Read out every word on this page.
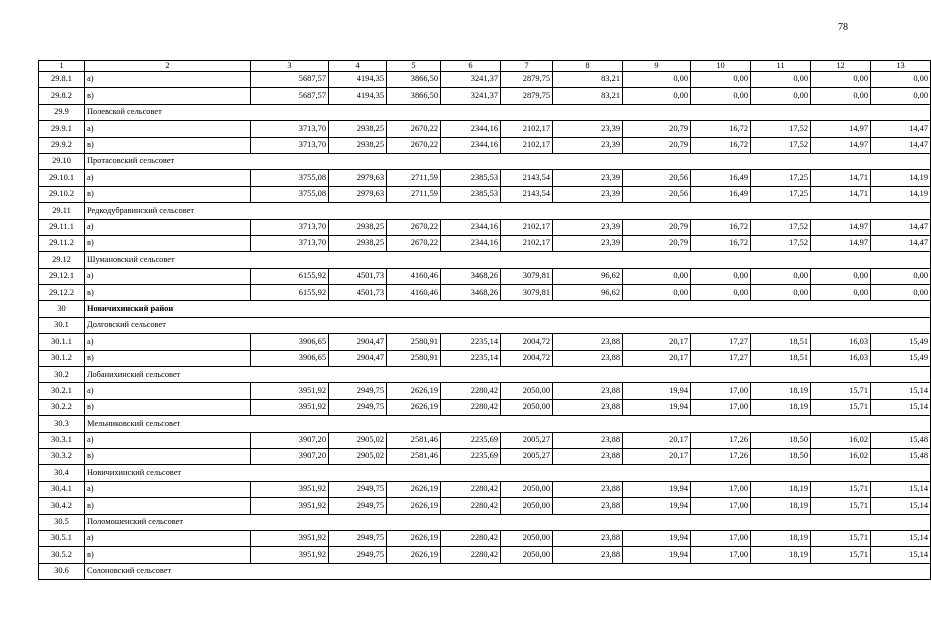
78
1	2	3	4	5	6	7	8	9	10	11	12	13
29.8.1	а)	5687,57	4194,35	3866,50	3241,37	2879,75	83,21	0,00	0,00	0,00	0,00	0,00
29.8.2	в)	5687,57	4194,35	3866,50	3241,37	2879,75	83,21	0,00	0,00	0,00	0,00	0,00
29.9	Полевской сельсовет											
29.9.1	а)	3713,70	2938,25	2670,22	2344,16	2102,17	23,39	20,79	16,72	17,52	14,97	14,47
29.9.2	в)	3713,70	2938,25	2670,22	2344,16	2102,17	23,39	20,79	16,72	17,52	14,97	14,47
29.10	Протасовский сельсовет											
29.10.1	а)	3755,08	2979,63	2711,59	2385,53	2143,54	23,39	20,56	16,49	17,25	14,71	14,19
29.10.2	в)	3755,08	2979,63	2711,59	2385,53	2143,54	23,39	20,56	16,49	17,25	14,71	14,19
29.11	Редкодубравинский сельсовет											
29.11.1	а)	3713,70	2938,25	2670,22	2344,16	2102,17	23,39	20,79	16,72	17,52	14,97	14,47
29.11.2	в)	3713,70	2938,25	2670,22	2344,16	2102,17	23,39	20,79	16,72	17,52	14,97	14,47
29.12	Шумановский сельсовет											
29.12.1	а)	6155,92	4501,73	4160,46	3468,26	3079,81	96,62	0,00	0,00	0,00	0,00	0,00
29.12.2	в)	6155,92	4501,73	4160,46	3468,26	3079,81	96,62	0,00	0,00	0,00	0,00	0,00
30	Новичихинский район											
30.1	Долговский сельсовет											
30.1.1	а)	3906,65	2904,47	2580,91	2235,14	2004,72	23,88	20,17	17,27	18,51	16,03	15,49
30.1.2	в)	3906,65	2904,47	2580,91	2235,14	2004,72	23,88	20,17	17,27	18,51	16,03	15,49
30.2	Лобанихинский сельсовет											
30.2.1	а)	3951,92	2949,75	2626,19	2280,42	2050,00	23,88	19,94	17,00	18,19	15,71	15,14
30.2.2	в)	3951,92	2949,75	2626,19	2280,42	2050,00	23,88	19,94	17,00	18,19	15,71	15,14
30.3	Мельниковский сельсовет											
30.3.1	а)	3907,20	2905,02	2581,46	2235,69	2005,27	23,88	20,17	17,26	18,50	16,02	15,48
30.3.2	в)	3907,20	2905,02	2581,46	2235,69	2005,27	23,88	20,17	17,26	18,50	16,02	15,48
30.4	Новичихинский сельсовет											
30.4.1	а)	3951,92	2949,75	2626,19	2280,42	2050,00	23,88	19,94	17,00	18,19	15,71	15,14
30.4.2	в)	3951,92	2949,75	2626,19	2280,42	2050,00	23,88	19,94	17,00	18,19	15,71	15,14
30.5	Поломошенский сельсовет											
30.5.1	а)	3951,92	2949,75	2626,19	2280,42	2050,00	23,88	19,94	17,00	18,19	15,71	15,14
30.5.2	в)	3951,92	2949,75	2626,19	2280,42	2050,00	23,88	19,94	17,00	18,19	15,71	15,14
30.6	Солоновский сельсовет											
